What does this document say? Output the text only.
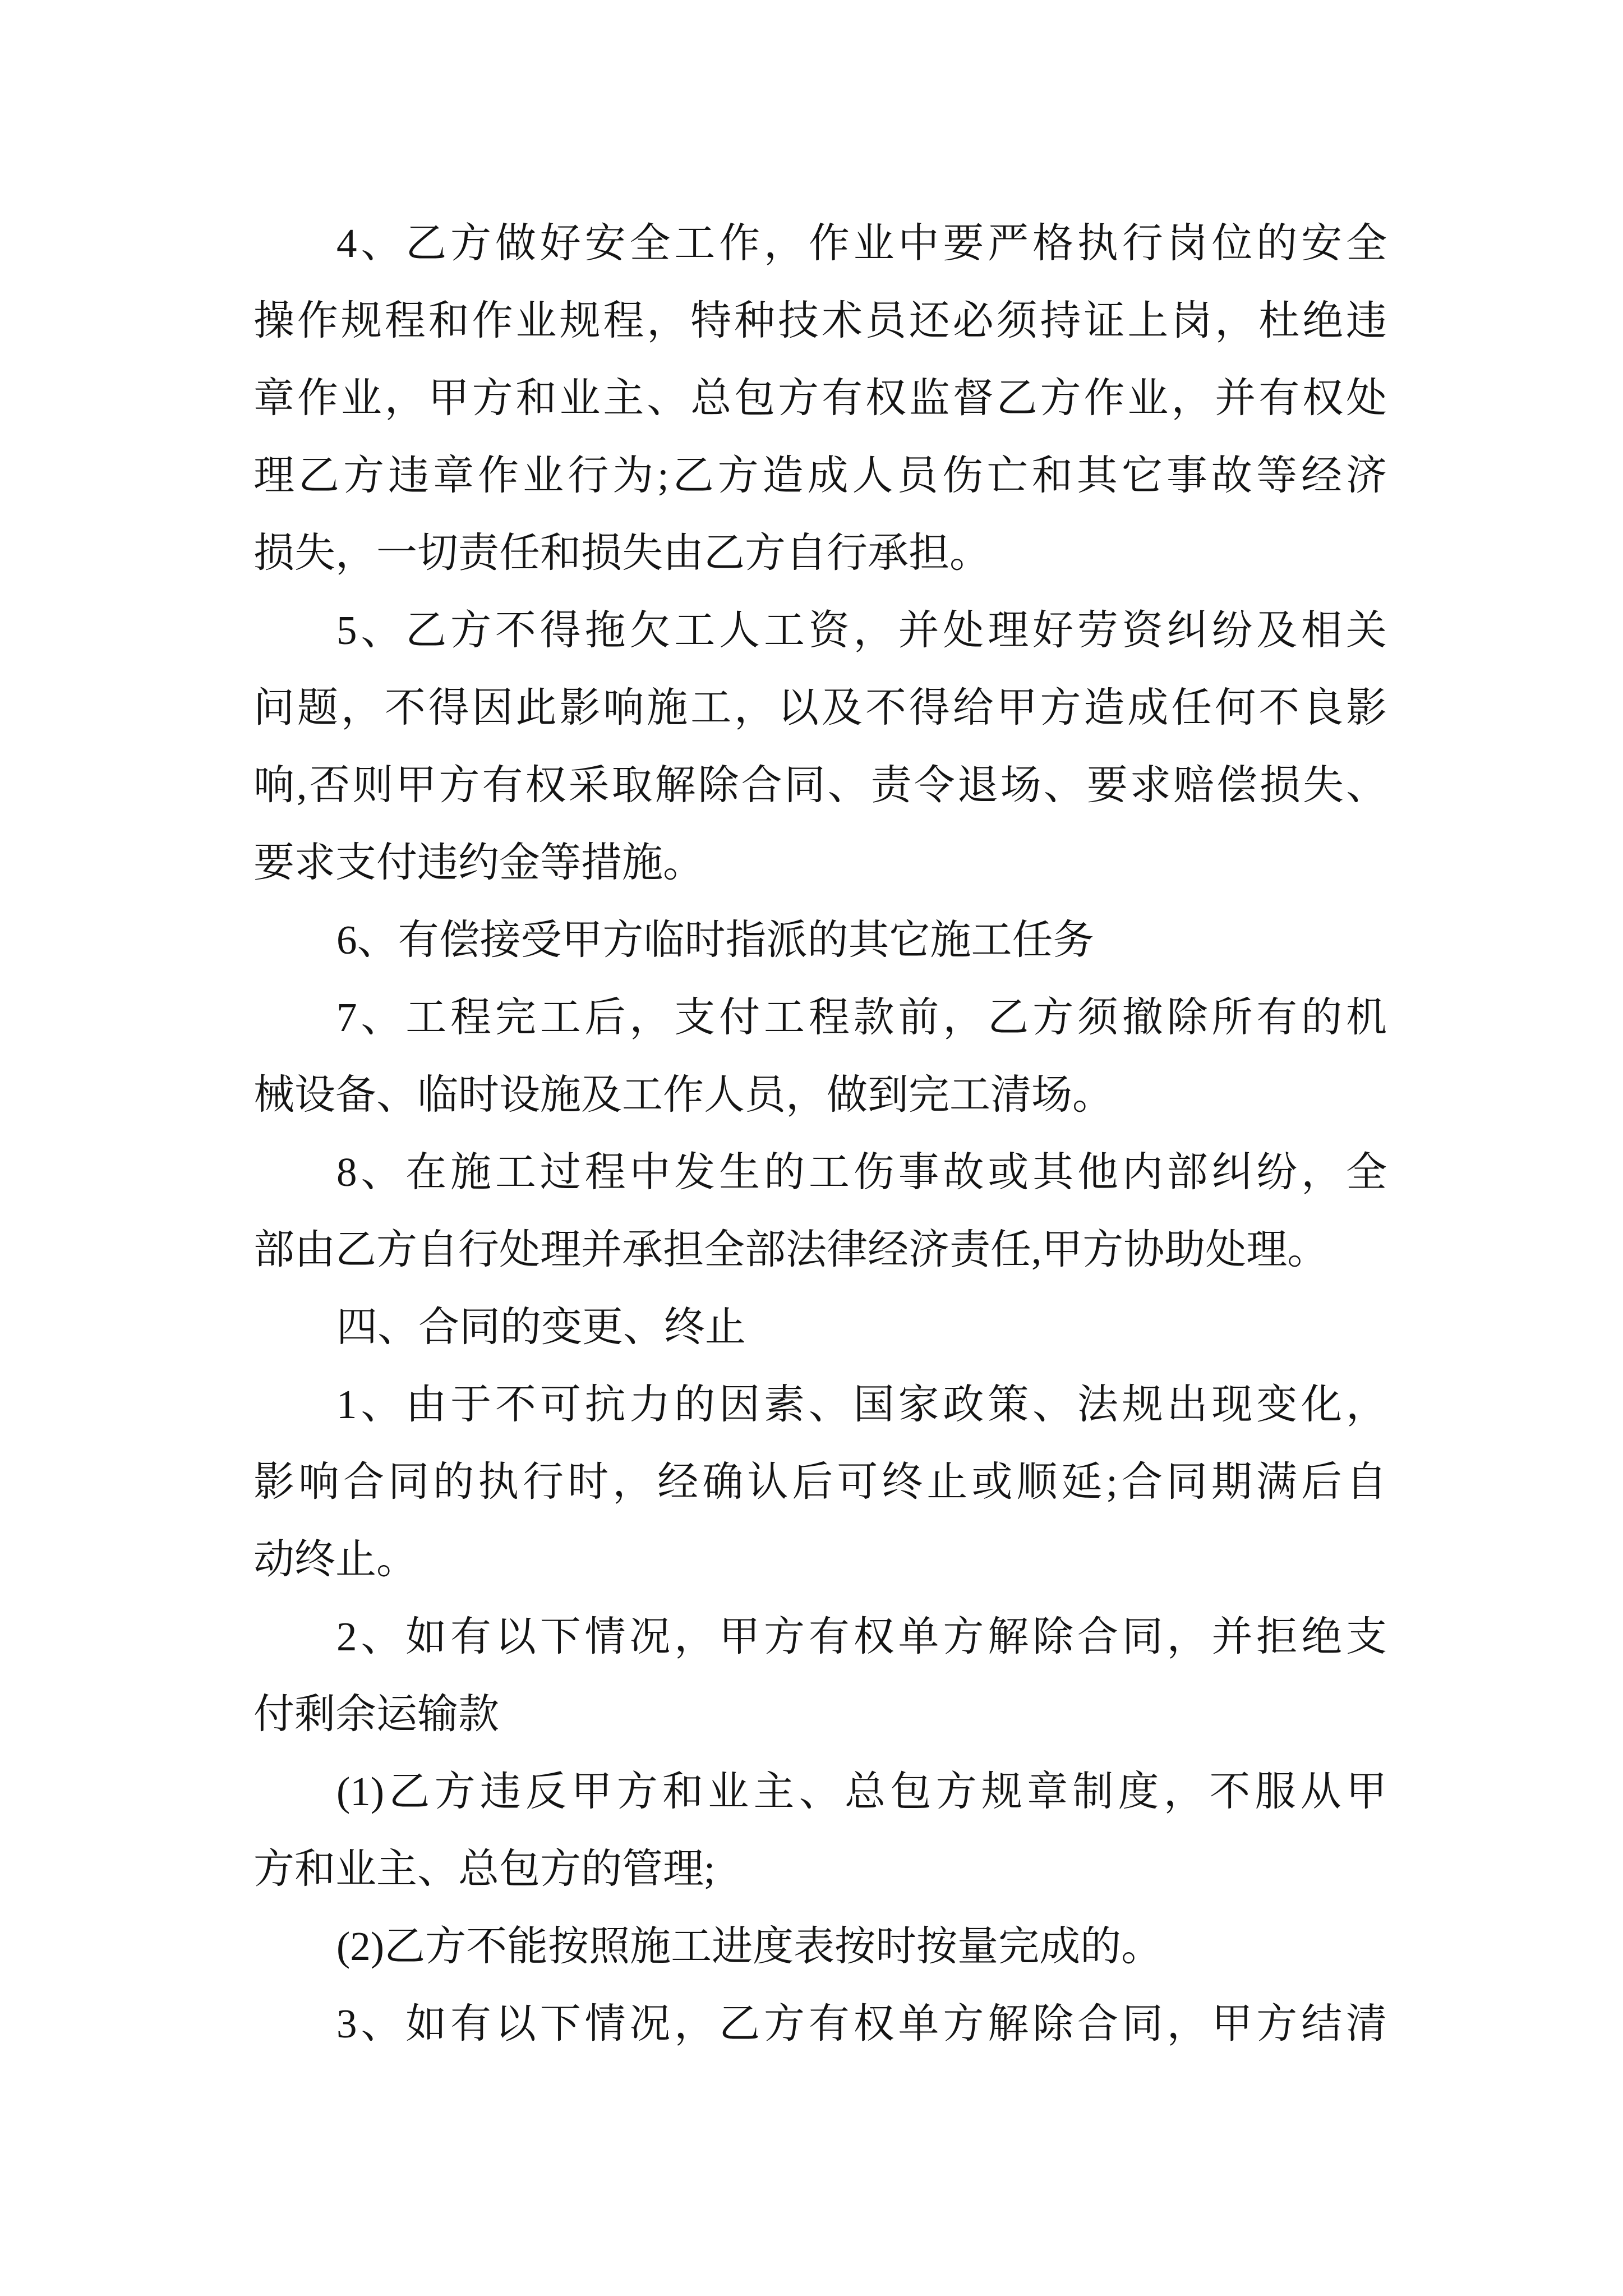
4、乙方做好安全工作，作业中要严格执行岗位的安全
操作规程和作业规程，特种技术员还必须持证上岗，杜绝违
章作业，甲方和业主、总包方有权监督乙方作业，并有权处
理乙方违章作业行为;乙方造成人员伤亡和其它事故等经济
损失，一切责任和损失由乙方自行承担。
5、乙方不得拖欠工人工资，并处理好劳资纠纷及相关
问题，不得因此影响施工，以及不得给甲方造成任何不良影
响,否则甲方有权采取解除合同、责令退场、要求赔偿损失、
要求支付违约金等措施。
6、有偿接受甲方临时指派的其它施工任务
7、工程完工后，支付工程款前，乙方须撤除所有的机
械设备、临时设施及工作人员，做到完工清场。
8、在施工过程中发生的工伤事故或其他内部纠纷，全
部由乙方自行处理并承担全部法律经济责任,甲方协助处理。
四、合同的变更、终止
1、由于不可抗力的因素、国家政策、法规出现变化，
影响合同的执行时，经确认后可终止或顺延;合同期满后自
动终止。
2、如有以下情况，甲方有权单方解除合同，并拒绝支
付剩余运输款
(1)乙方违反甲方和业主、总包方规章制度，不服从甲
方和业主、总包方的管理;
(2)乙方不能按照施工进度表按时按量完成的。
3、如有以下情况，乙方有权单方解除合同，甲方结清
